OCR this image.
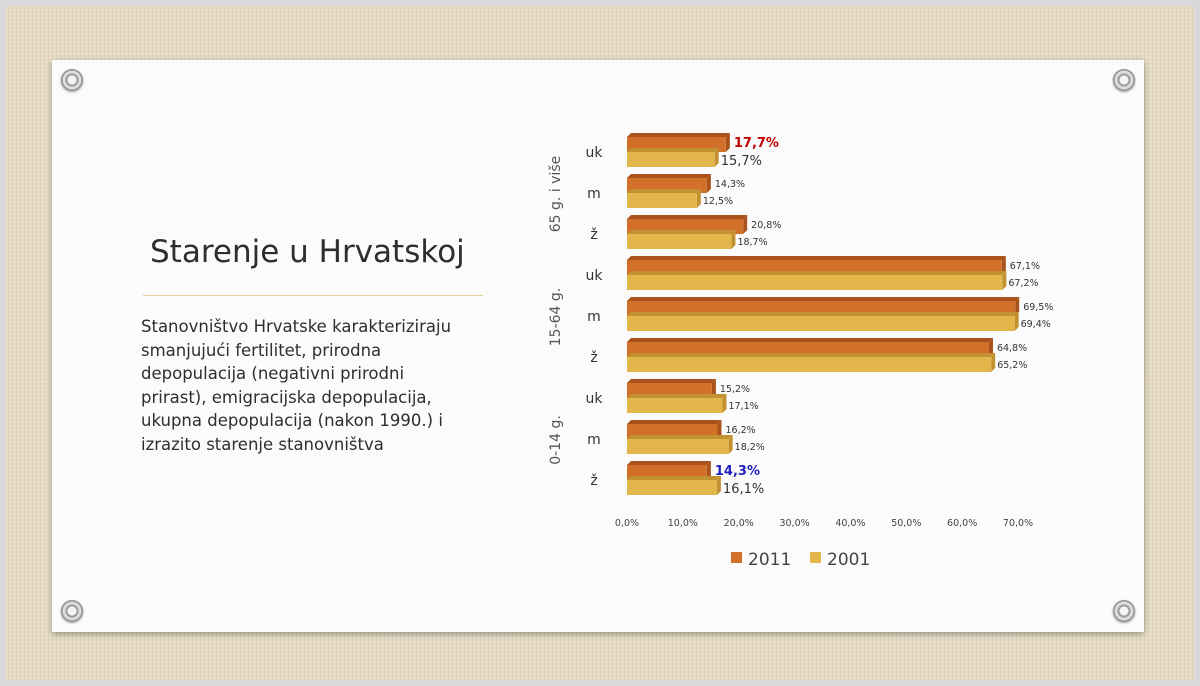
Starenje u Hrvatskoj
Stanovništvo Hrvatske karakteriziraju
smanjujući fertilitet, prirodna
depopulacija (negativni prirodni
prirast), emigracijska depopulacija,
ukupna depopulacija (nakon 1990.) i
izrazito starenje stanovništva
17,7%
15,7%
uk
14,3%
12,5%
m
20,8%
18,7%
ž
67,1%
67,2%
uk
69,5%
69,4%
m
64,8%
65,2%
ž
15,2%
17,1%
uk
16,2%
18,2%
m
14,3%
16,1%
ž
65 g. i više
15-64 g.
0-14 g.
0,0%	10,0%	20,0%	30,0%	40,0%	50,0%	60,0%	70,0%
2011 2001
